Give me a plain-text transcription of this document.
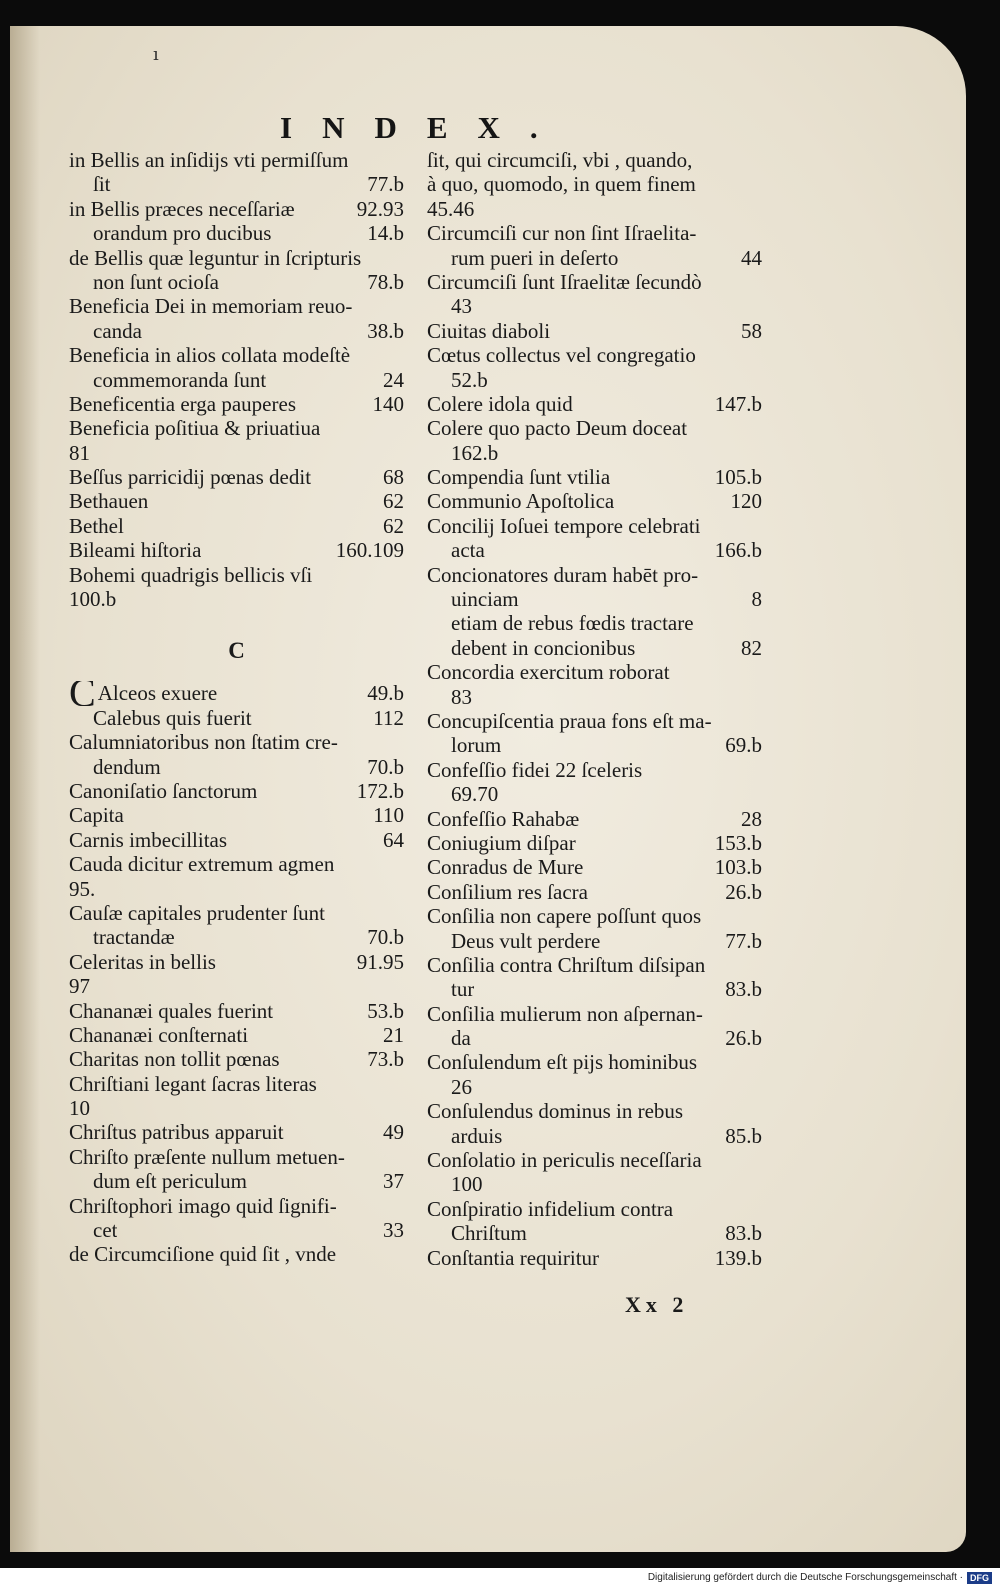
ı
INDEX.
in Bellis an inſidijs vti permiſſum
ſit	77.b
in Bellis præces neceſſariæ	92.93
orandum pro ducibus	14.b
de Bellis quæ leguntur in ſcripturis
non ſunt ocioſa	78.b
Beneficia Dei in memoriam reuo-
canda	38.b
Beneficia in alios collata modeſtè
commemoranda ſunt	24
Beneficentia erga pauperes	140
Beneficia poſitiua & priuatiua
81
Beſſus parricidij pœnas dedit	68
Bethauen	62
Bethel	62
Bileami hiſtoria	160.109
Bohemi quadrigis bellicis vſi
100.b
C
CAlceos exuere	49.b
Calebus quis fuerit	112
Calumniatoribus non ſtatim cre-
dendum	70.b
Canoniſatio ſanctorum	172.b
Capita	110
Carnis imbecillitas	64
Cauda dicitur extremum agmen
95.
Cauſæ capitales prudenter ſunt
tractandæ	70.b
Celeritas in bellis	91.95
97
Chananæi quales fuerint	53.b
Chananæi conſternati	21
Charitas non tollit pœnas	73.b
Chriſtiani legant ſacras literas
10
Chriſtus patribus apparuit	49
Chriſto præſente nullum metuen-
dum eſt periculum	37
Chriſtophori imago quid ſignifi-
cet	33
de Circumciſione quid ſit , vnde
ſit, qui circumciſi, vbi , quando,
à quo, quomodo, in quem finem
45.46
Circumciſi cur non ſint Iſraelita-
rum pueri in deſerto	44
Circumciſi ſunt Iſraelitæ ſecundò
43
Ciuitas diaboli	58
Cœtus collectus vel congregatio
52.b
Colere idola quid	147.b
Colere quo pacto Deum doceat
162.b
Compendia ſunt vtilia	105.b
Communio Apoſtolica	120
Concilij Ioſuei tempore celebrati
acta	166.b
Concionatores duram habēt pro-
uinciam	8
etiam de rebus fœdis tractare
debent in concionibus	82
Concordia exercitum roborat
83
Concupiſcentia praua fons eſt ma-
lorum	69.b
Confeſſio fidei 22 ſceleris
69.70
Confeſſio Rahabæ	28
Coniugium diſpar	153.b
Conradus de Mure	103.b
Conſilium res ſacra	26.b
Conſilia non capere poſſunt quos
Deus vult perdere	77.b
Conſilia contra Chriſtum diſsipan
tur	83.b
Conſilia mulierum non aſpernan-
da	26.b
Conſulendum eſt pijs hominibus
26
Conſulendus dominus in rebus
arduis	85.b
Conſolatio in periculis neceſſaria
100
Conſpiratio infidelium contra
Chriſtum	83.b
Conſtantia requiritur	139.b
Xx 2
Digitalisierung gefördert durch die Deutsche Forschungsgemeinschaft · DFG
